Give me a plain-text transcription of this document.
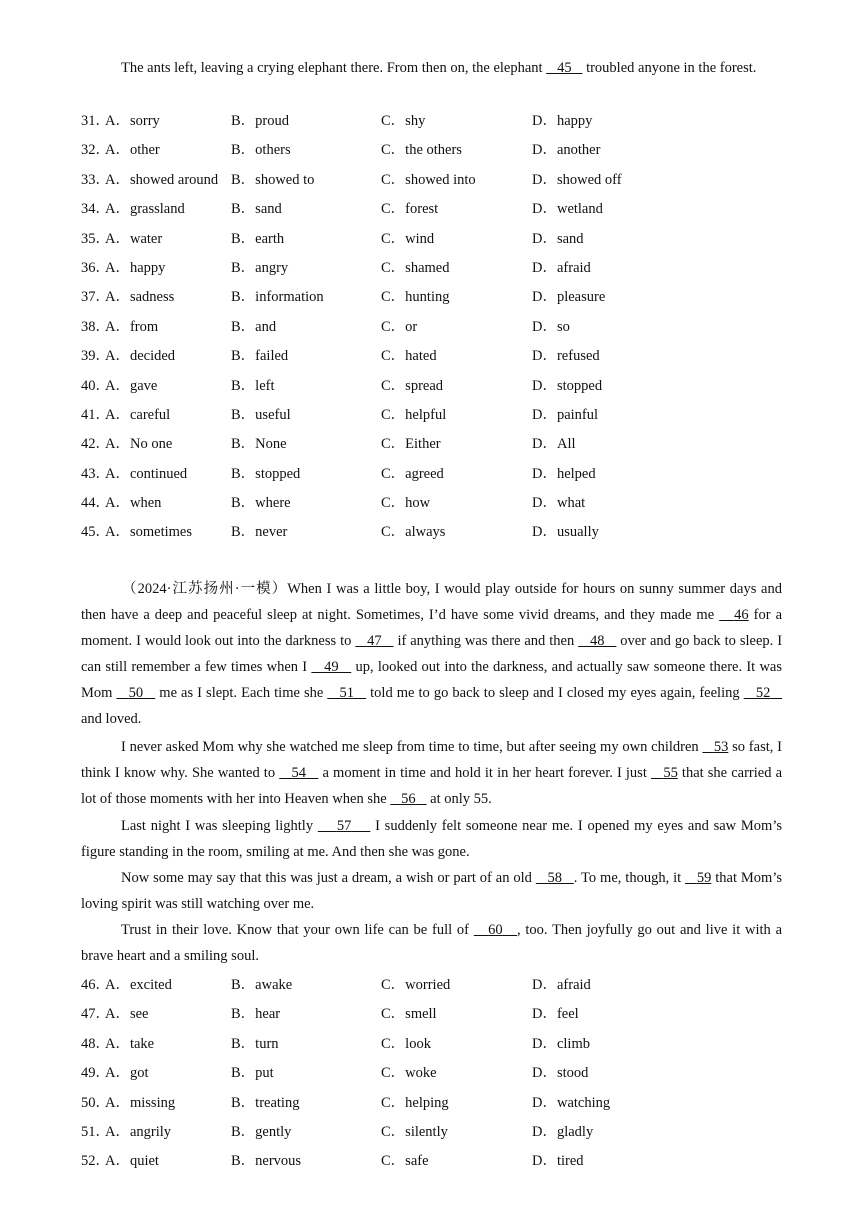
The ants left, leaving a crying elephant there. From then on, the elephant    45    troubled anyone in the forest.

31．
A．sorry	B．proud	C．shy	D．happy
32．
A．other	B．others	C．the others	D．another
33．
A．showed around B．showed to	C．showed into	D．showed off
34．
A．grassland	B．sand	C．forest	D．wetland
35．
A．water	B．earth	C．wind	D．sand
36．
A．happy	B．angry	C．shamed	D．afraid
37．
A．sadness	B．information	C．hunting	D．pleasure
38．
A．from	B．and	C．or	D．so
39．
A．decided	B．failed	C．hated	D．refused
40．
A．gave	B．left	C．spread	D．stopped
41．
A．careful	B．useful	C．helpful	D．painful
42．
A．No one	B．None	C．Either	D．All
43．
A．continued	B．stopped	C．agreed	D．helped
44．
A．when	B．where	C．how	D．what
45．
A．sometimes	B．never	C．always	D．usually

（2024·江苏扬州·一模）When I was a little boy, I would play outside for hours on sunny summer days and then have a deep and peaceful sleep at night. Sometimes, I’d have some vivid dreams, and they made me    46 for a moment. I would look out into the darkness to    47    if anything was there and then    48    over and go back to sleep. I can still remember a few times when I    49    up, looked out into the darkness, and actually saw someone there. It was Mom    50    me as I slept. Each time she    51    told me to go back to sleep and I closed my eyes again, feeling    52    and loved.

I never asked Mom why she watched me sleep from time to time, but after seeing my own children    53 so fast, I think I know why. She wanted to    54    a moment in time and hold it in her heart forever. I just    55 that she carried a lot of those moments with her into Heaven when she    56    at only 55.

Last night I was sleeping lightly     57     I suddenly felt someone near me. I opened my eyes and saw Mom’s figure standing in the room, smiling at me. And then she was gone.

Now some may say that this was just a dream, a wish or part of an old    58 . To me, though, it    59 that Mom’s loving spirit was still watching over me.

Trust in their love. Know that your own life can be full of    60 , too. Then joyfully go out and live it with a brave heart and a smiling soul.

46．
A．excited	B．awake	C．worried	D．afraid
47．
A．see	B．hear	C．smell	D．feel
48．
A．take	B．turn	C．look	D．climb
49．
A．got	B．put	C．woke	D．stood
50．
A．missing	B．treating	C．helping	D．watching
51．
A．angrily	B．gently	C．silently	D．gladly
52．
A．quiet	B．nervous	C．safe	D．tired
